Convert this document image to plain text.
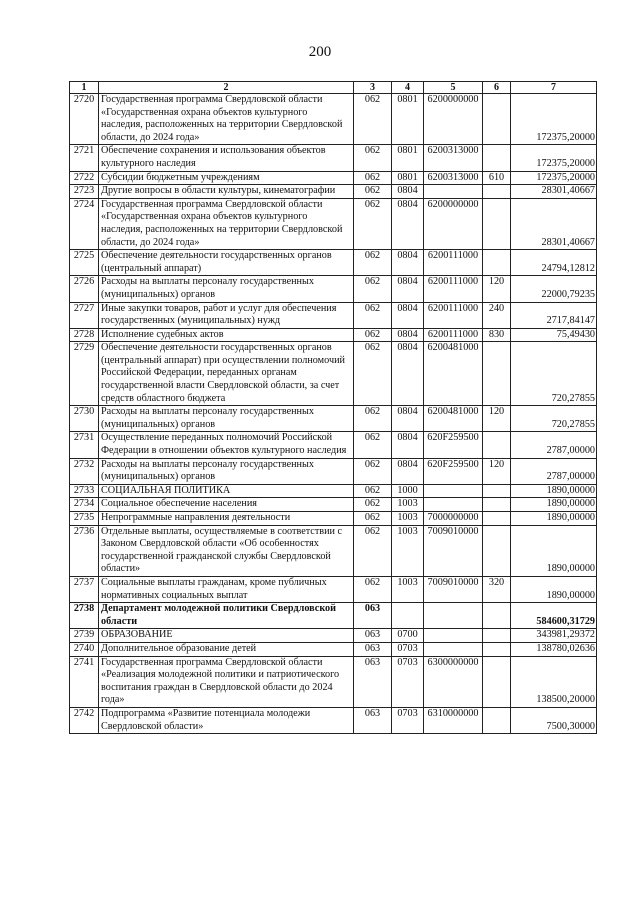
200
1	2	3	4	5	6	7
2720	Государственная программа Свердловской области «Государственная охрана объектов культурного наследия, расположенных на территории Свердловской области, до 2024 года»	062	0801	6200000000		172375,20000
2721	Обеспечение сохранения и использования объектов культурного наследия	062	0801	6200313000		172375,20000
2722	Субсидии бюджетным учреждениям	062	0801	6200313000	610	172375,20000
2723	Другие вопросы в области культуры, кинематографии	062	0804			28301,40667
2724	Государственная программа Свердловской области «Государственная охрана объектов культурного наследия, расположенных на территории Свердловской области, до 2024 года»	062	0804	6200000000		28301,40667
2725	Обеспечение деятельности государственных органов (центральный аппарат)	062	0804	6200111000		24794,12812
2726	Расходы на выплаты персоналу государственных (муниципальных) органов	062	0804	6200111000	120	22000,79235
2727	Иные закупки товаров, работ и услуг для обеспечения государственных (муниципальных) нужд	062	0804	6200111000	240	2717,84147
2728	Исполнение судебных актов	062	0804	6200111000	830	75,49430
2729	Обеспечение деятельности государственных органов (центральный аппарат) при осуществлении полномочий Российской Федерации, переданных органам государственной власти Свердловской области, за счет средств областного бюджета	062	0804	6200481000		720,27855
2730	Расходы на выплаты персоналу государственных (муниципальных) органов	062	0804	6200481000	120	720,27855
2731	Осуществление переданных полномочий Российской Федерации в отношении объектов культурного наследия	062	0804	620F259500		2787,00000
2732	Расходы на выплаты персоналу государственных (муниципальных) органов	062	0804	620F259500	120	2787,00000
2733	СОЦИАЛЬНАЯ ПОЛИТИКА	062	1000			1890,00000
2734	Социальное обеспечение населения	062	1003			1890,00000
2735	Непрограммные направления деятельности	062	1003	7000000000		1890,00000
2736	Отдельные выплаты, осуществляемые в соответствии с Законом Свердловской области «Об особенностях государственной гражданской службы Свердловской области»	062	1003	7009010000		1890,00000
2737	Социальные выплаты гражданам, кроме публичных нормативных социальных выплат	062	1003	7009010000	320	1890,00000
2738	Департамент молодежной политики Свердловской области	063				584600,31729
2739	ОБРАЗОВАНИЕ	063	0700			343981,29372
2740	Дополнительное образование детей	063	0703			138780,02636
2741	Государственная программа Свердловской области «Реализация молодежной политики и патриотического воспитания граждан в Свердловской области до 2024 года»	063	0703	6300000000		138500,20000
2742	Подпрограмма «Развитие потенциала молодежи Свердловской области»	063	0703	6310000000		7500,30000
